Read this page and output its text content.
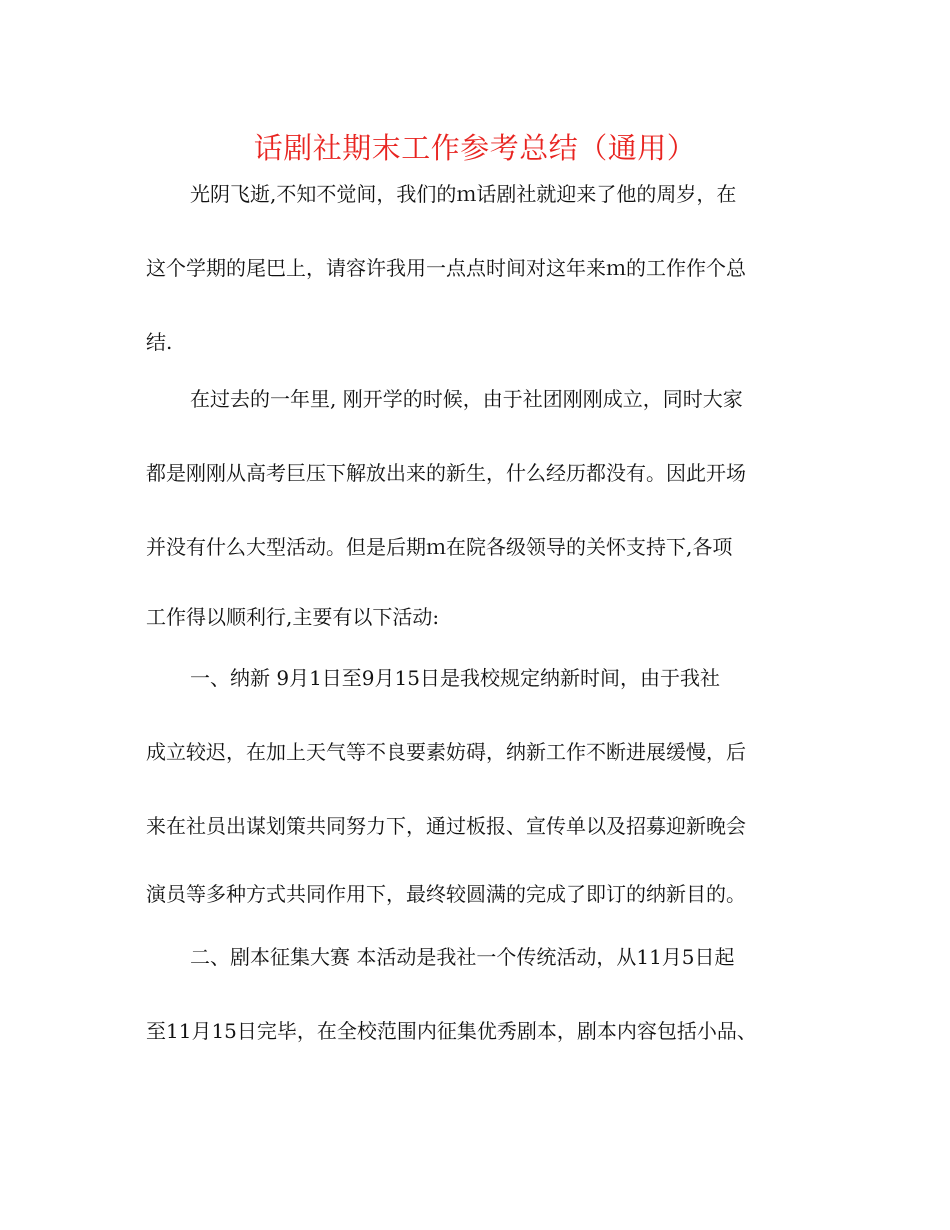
话剧社期末工作参考总结（通用）
光阴飞逝,不知不觉间，我们的ｍ话剧社就迎来了他的周岁，在
这个学期的尾巴上，请容许我用一点点时间对这年来ｍ的工作作个总
结.
在过去的一年里, 刚开学的时候，由于社团刚刚成立，同时大家
都是刚刚从高考巨压下解放出来的新生，什么经历都没有。因此开场
并没有什么大型活动。但是后期ｍ在院各级领导的关怀支持下,各项
工作得以顺利行,主要有以下活动:
一、纳新 9月1日至9月15日是我校规定纳新时间，由于我社
成立较迟，在加上天气等不良要素妨碍，纳新工作不断进展缓慢，后
来在社员出谋划策共同努力下，通过板报、宣传单以及招募迎新晚会
演员等多种方式共同作用下，最终较圆满的完成了即订的纳新目的。
二、剧本征集大赛 本活动是我社一个传统活动，从11月5日起
至11月15日完毕，在全校范围内征集优秀剧本，剧本内容包括小品、
